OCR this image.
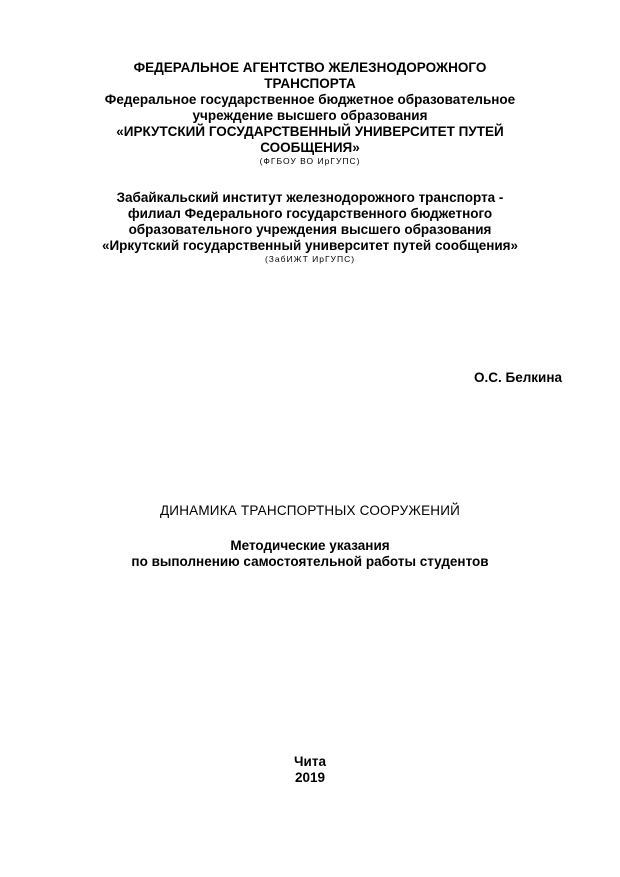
ФЕДЕРАЛЬНОЕ АГЕНТСТВО ЖЕЛЕЗНОДОРОЖНОГО
ТРАНСПОРТА
Федеральное государственное бюджетное образовательное
учреждение высшего образования
«ИРКУТСКИЙ ГОСУДАРСТВЕННЫЙ УНИВЕРСИТЕТ ПУТЕЙ
СООБЩЕНИЯ»
(ФГБОУ ВО ИрГУПС)
Забайкальский институт железнодорожного транспорта -
филиал Федерального государственного бюджетного
образовательного учреждения высшего образования
«Иркутский государственный университет путей сообщения»
(ЗабИЖТ ИрГУПС)
О.С. Белкина
ДИНАМИКА ТРАНСПОРТНЫХ СООРУЖЕНИЙ
Методические указания
по выполнению самостоятельной работы студентов
Чита
2019
